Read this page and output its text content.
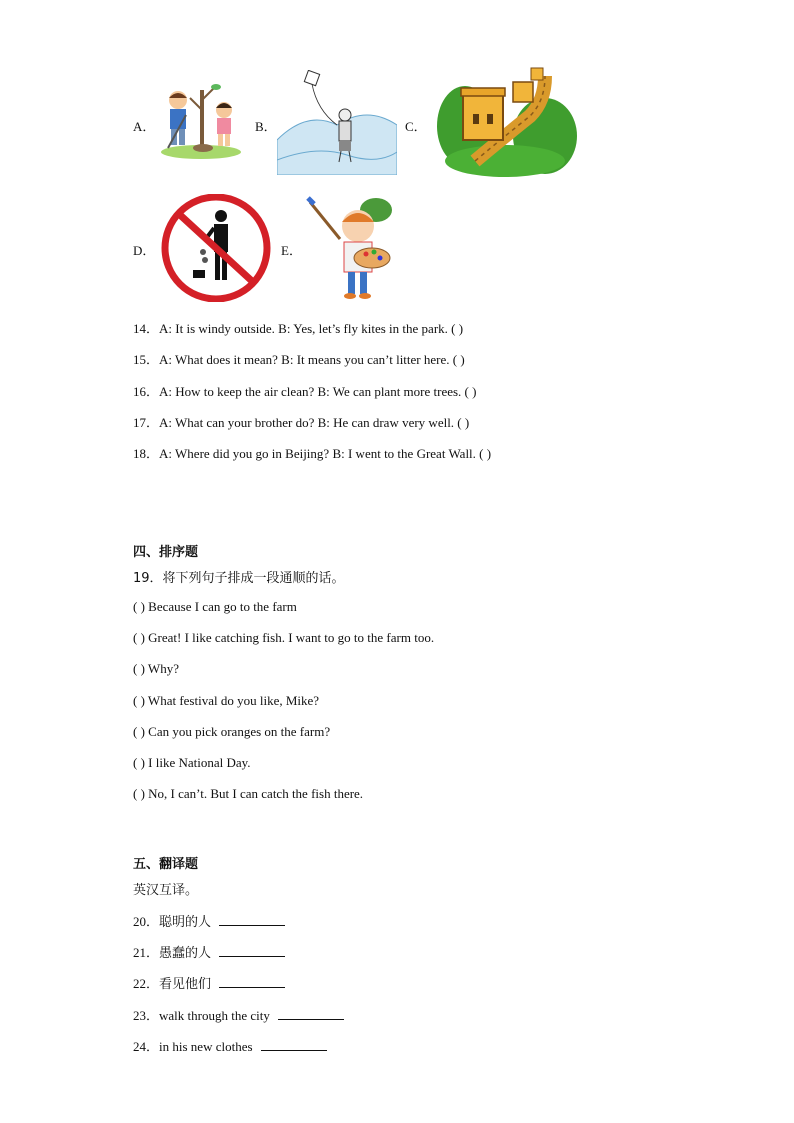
A．	B．	C．
D．	E．
14．A: It is windy outside. B: Yes, let’s fly kites in the park. ( )
15．A: What does it mean? B: It means you can’t litter here. ( )
16．A: How to keep the air clean? B: We can plant more trees. ( )
17．A: What can your brother do? B: He can draw very well. ( )
18．A: Where did you go in Beijing? B: I went to the Great Wall. ( )
四、排序题
19．将下列句子排成一段通顺的话。
( ) Because I can go to the farm
( ) Great! I like catching fish. I want to go to the farm too.
( ) Why?
( ) What festival do you like, Mike?
( ) Can you pick oranges on the farm?
( ) I like National Day.
( ) No, I can’t. But I can catch the fish there.
五、翻译题
英汉互译。
20．聪明的人
21．愚蠢的人
22．看见他们
23．walk through the city
24．in his new clothes
